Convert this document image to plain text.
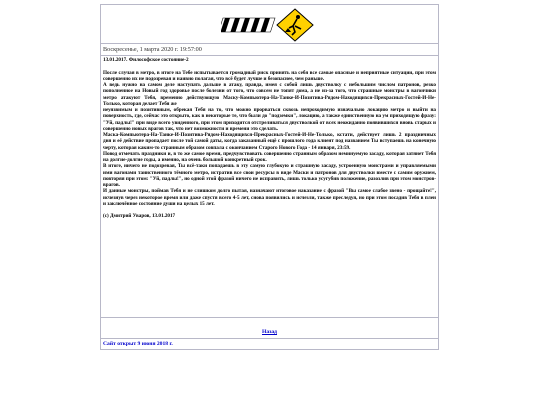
Воскресенье, 1 марта 2020 г. 19:57:00

13.01.2017. Философское состояние-2

После случая в метро, в итоге на Тебе испытывается громадный риск принять на себя все самые опасные и неприятные ситуации, при этом совершенно их не подозревая и наивно полагая, что всё будет лучше и безопаснее, чем раньше.

А ведь нужно на самом деле наступать дальше в атаку, правда, имея с собой лишь двустволку с небольшим числом патронов, резко пополненное на Новый год здоровье после болезни от того, что совсем не топят дома, а не из-за того, что страшные монстры в вагончики метро атакуют Тебя, временно действующую Маску-Компьютера-На-Танке-И-Позитива-Рядом-Находящихся-Прекрасных-Гостей-И-Не-Только, которая делает Тебя же

неуязвимым и позитивным, обрекая Тебя на то, что можно прорваться сквозь непроходимую изначально локацию метро и выйти на поверхность, где, сейчас это открыто, как в некоторые те, что были до "подземки", локацию, а также единственную на ум приходящую фразу: "Уй, падлы!" при виде всего увиденного, при этом приходится отстреливаться двустволкой от всех неожиданно появившихся вновь старых и совершенно новых врагов так, что нет возможности и времени это сделать.

Маска-Компьютера-На-Танке-И-Позитива-Рядом-Находящихся-Прекрасных-Гостей-И-Не-Только, кстати, действует лишь 2 праздничных дня и её действие пропадает после той самой даты, когда заказанный ещё с прошлого года клиент под названием Ты вступаешь на конечную черту, которая каким-то странным образом совпала с окончанием Старого Нового Года - 14 января, 23:59.

Повод отмечать праздники и, в то же самое время, предчувствовать совершенно странным образом неминуемую засаду, которая затянет Тебя на долгие-долгие годы, а именно, на очень большой конкретный срок.

В итоге, ничего не подозревая, Ты всё-таки попадаешь в эту самую глубокую и страшную засаду, устроенную монстрами и управляемыми ими вагонами таинственного тёмного метро, истратив все свои ресурсы в виде Маски и патронов для двустволки вместе с самим оружием, повторяя при этом: "Уй, падлы!", но одной этой фразой ничего не исправить, лишь только усугубив положение, разозлив при этом монстров-врагов.

И данные монстры, поймав Тебя и не слишком долго пытая, назначают итоговое наказание с фразой "Вы самое слабое звено - прощайте!", исчезнув через некоторое время или даже спустя всего 4-5 лет, снова появились и исчезли, также преследуя, но при этом посадив Тебя в плен и заключённое состояние души на целых 15 лет.

(с) Дмитрий Уваров, 13.01.2017

Назад
Сайт открыт 9 июня 2018 г.
